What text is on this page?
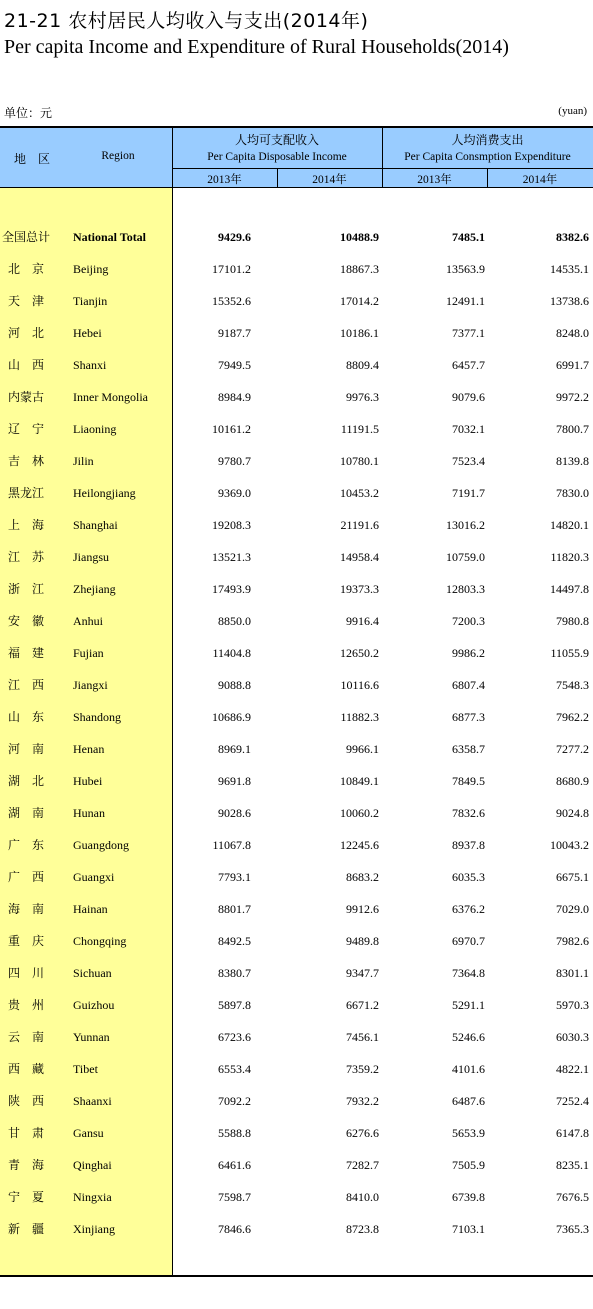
21-21 农村居民人均收入与支出(2014年)
Per capita Income and Expenditure of Rural Households(2014)
单位：元	(yuan)
地　区	Region
人均可支配收入
Per Capita Disposable Income
人均消费支出
Per Capita Consmption Expenditure
2013年	2014年	2013年	2014年
全国总计 National Total	9429.6	10488.9	7485.1	8382.6
北　京	Beijing	17101.2	18867.3	13563.9	14535.1
天　津	Tianjin	15352.6	17014.2	12491.1	13738.6
河　北	Hebei	9187.7	10186.1	7377.1	8248.0
山　西	Shanxi	7949.5	8809.4	6457.7	6991.7
内蒙古	Inner Mongolia	8984.9	9976.3	9079.6	9972.2
辽　宁	Liaoning	10161.2	11191.5	7032.1	7800.7
吉　林	Jilin	9780.7	10780.1	7523.4	8139.8
黑龙江	Heilongjiang	9369.0	10453.2	7191.7	7830.0
上　海	Shanghai	19208.3	21191.6	13016.2	14820.1
江　苏	Jiangsu	13521.3	14958.4	10759.0	11820.3
浙　江	Zhejiang	17493.9	19373.3	12803.3	14497.8
安　徽	Anhui	8850.0	9916.4	7200.3	7980.8
福　建	Fujian	11404.8	12650.2	9986.2	11055.9
江　西	Jiangxi	9088.8	10116.6	6807.4	7548.3
山　东	Shandong	10686.9	11882.3	6877.3	7962.2
河　南	Henan	8969.1	9966.1	6358.7	7277.2
湖　北	Hubei	9691.8	10849.1	7849.5	8680.9
湖　南	Hunan	9028.6	10060.2	7832.6	9024.8
广　东	Guangdong	11067.8	12245.6	8937.8	10043.2
广　西	Guangxi	7793.1	8683.2	6035.3	6675.1
海　南	Hainan	8801.7	9912.6	6376.2	7029.0
重　庆	Chongqing	8492.5	9489.8	6970.7	7982.6
四　川	Sichuan	8380.7	9347.7	7364.8	8301.1
贵　州	Guizhou	5897.8	6671.2	5291.1	5970.3
云　南	Yunnan	6723.6	7456.1	5246.6	6030.3
西　藏	Tibet	6553.4	7359.2	4101.6	4822.1
陕　西	Shaanxi	7092.2	7932.2	6487.6	7252.4
甘　肃	Gansu	5588.8	6276.6	5653.9	6147.8
青　海	Qinghai	6461.6	7282.7	7505.9	8235.1
宁　夏	Ningxia	7598.7	8410.0	6739.8	7676.5
新　疆	Xinjiang	7846.6	8723.8	7103.1	7365.3
